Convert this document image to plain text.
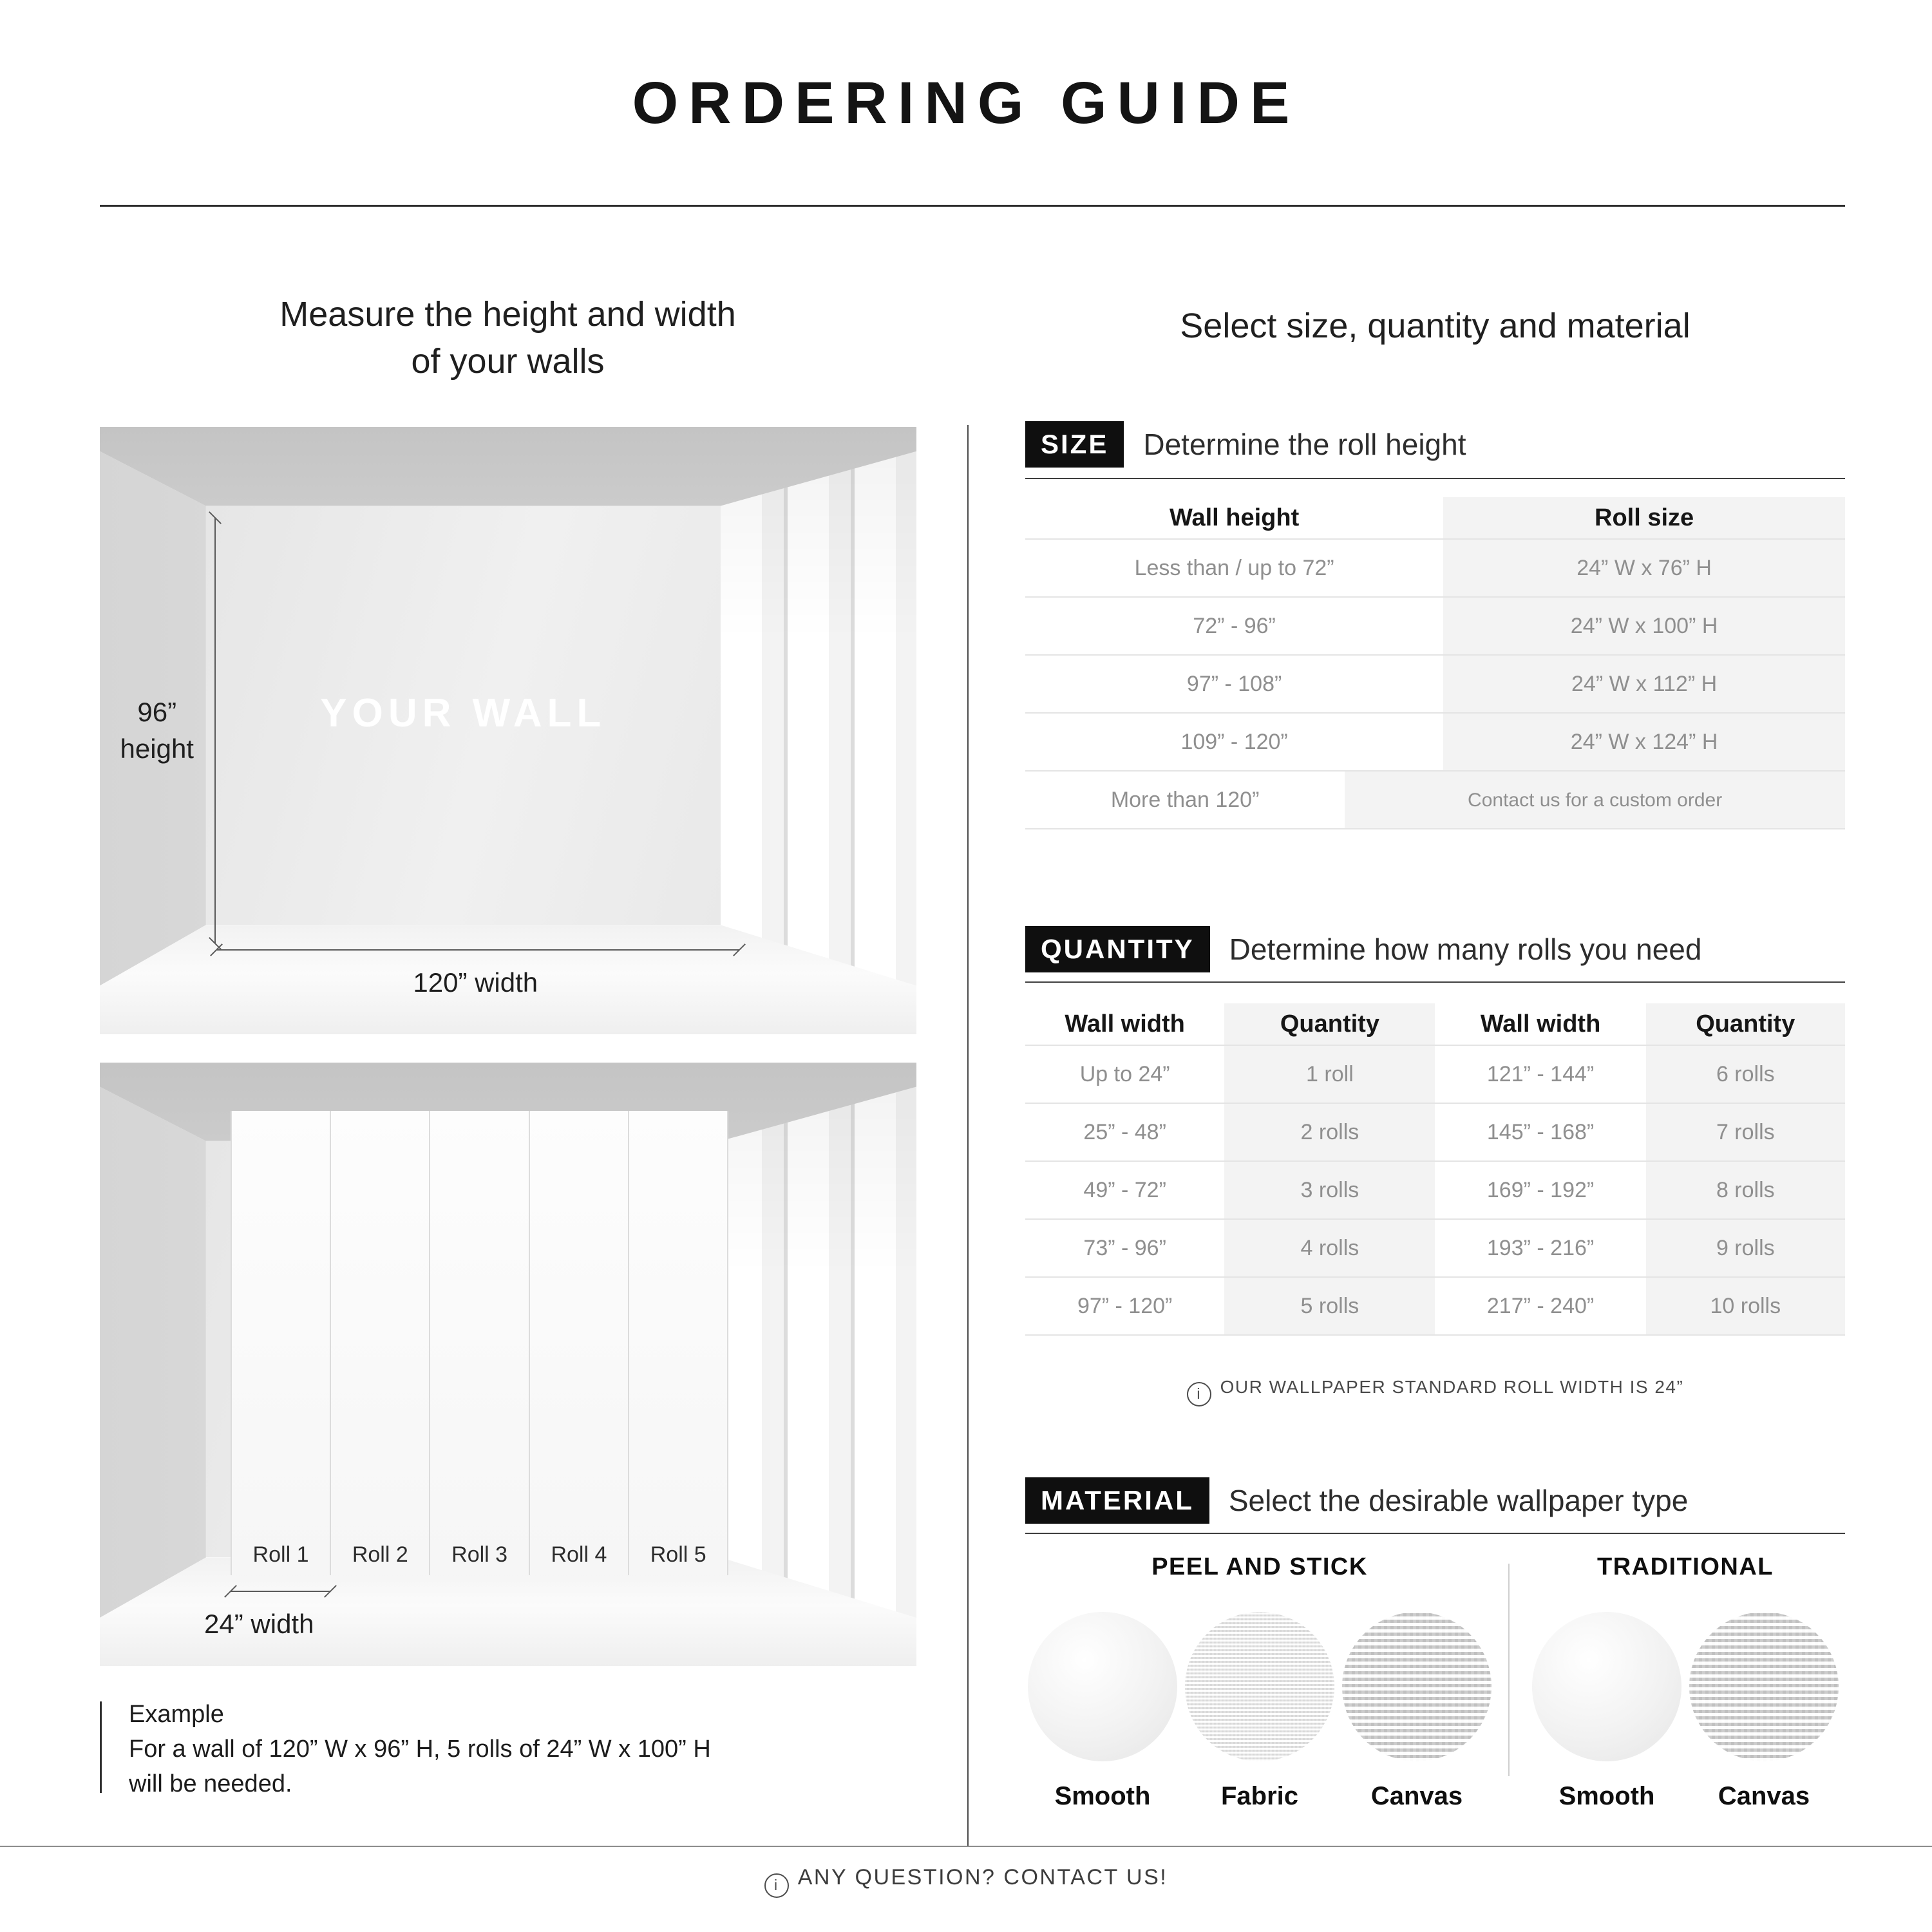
ORDERING GUIDE
Measure the height and width
of your walls
Select size, quantity and material
YOUR WALL
96”
height
120” width
Roll 1	Roll 2	Roll 3	Roll 4	Roll 5
24” width
Example
For a wall of 120” W x 96” H, 5 rolls of 24” W x 100” H
will be needed.
SIZE	Determine the roll height
Wall height	Roll size
Less than / up to 72”	24” W x 76” H
72” - 96”	24” W x 100” H
97” - 108”	24” W x 112” H
109” - 120”	24” W x 124” H
More than 120”	Contact us for a custom order
QUANTITY	Determine how many rolls you need
Wall width	Quantity	Wall width	Quantity
Up to 24”	1 roll	121” - 144”	6 rolls
25” - 48”	2 rolls	145” - 168”	7 rolls
49” - 72”	3 rolls	169” - 192”	8 rolls
73” - 96”	4 rolls	193” - 216”	9 rolls
97” - 120”	5 rolls	217” - 240”	10 rolls
i OUR WALLPAPER STANDARD ROLL WIDTH IS 24”
MATERIAL	Select the desirable wallpaper type
PEEL AND STICK
Smooth	Fabric	Canvas
TRADITIONAL
Smooth Canvas
i ANY QUESTION? CONTACT US!
